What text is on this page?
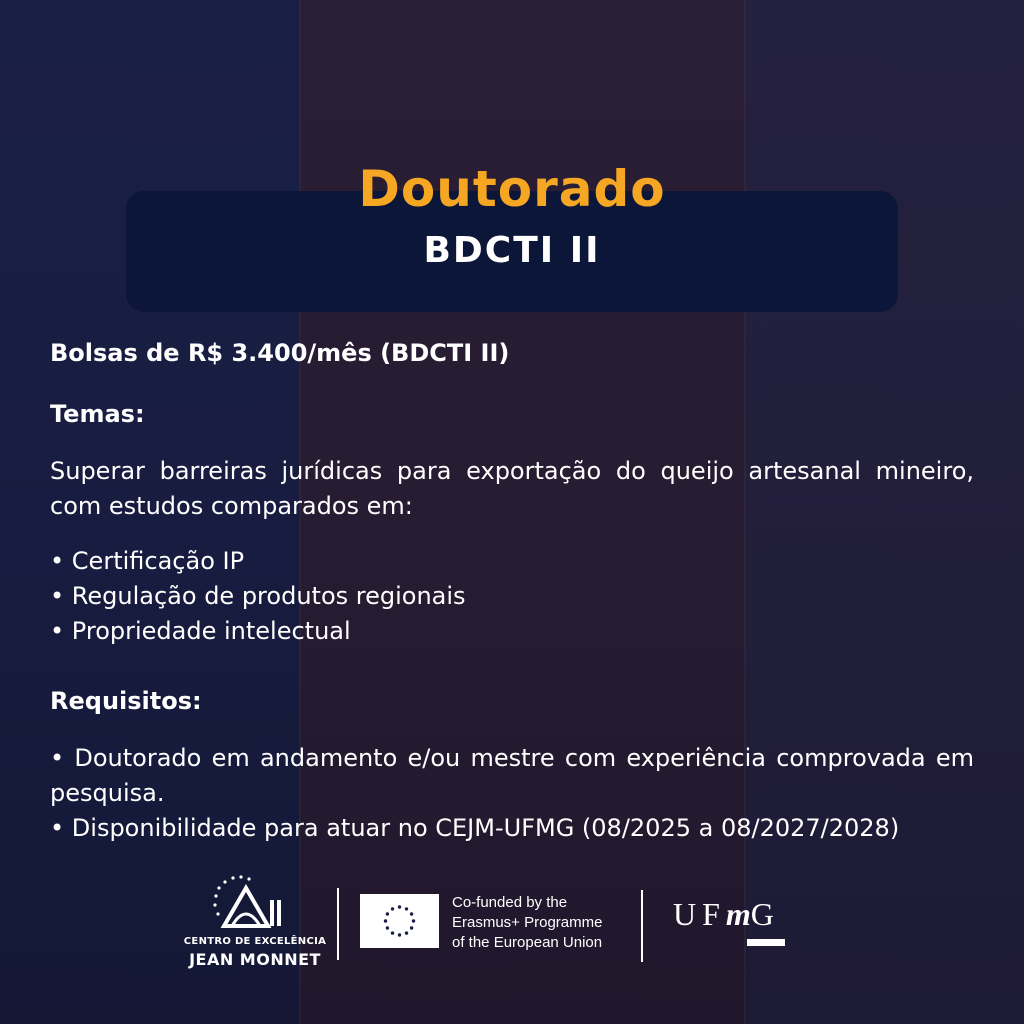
Doutorado
BDCTI II

Bolsas de R$ 3.400/mês (BDCTI II)

Temas:

Superar barreiras jurídicas para exportação do queijo artesanal mineiro, com estudos comparados em:

• Certificação IP

• Regulação de produtos regionais

• Propriedade intelectual

Requisitos:

• Doutorado em andamento e/ou mestre com experiência comprovada em pesquisa.

• Disponibilidade para atuar no CEJM-UFMG (08/2025 a 08/2027/2028)

CENTRO DE EXCELÊNCIA
JEAN MONNET
Co-funded by the
Erasmus+ Programme
of the European Union
UFmG
